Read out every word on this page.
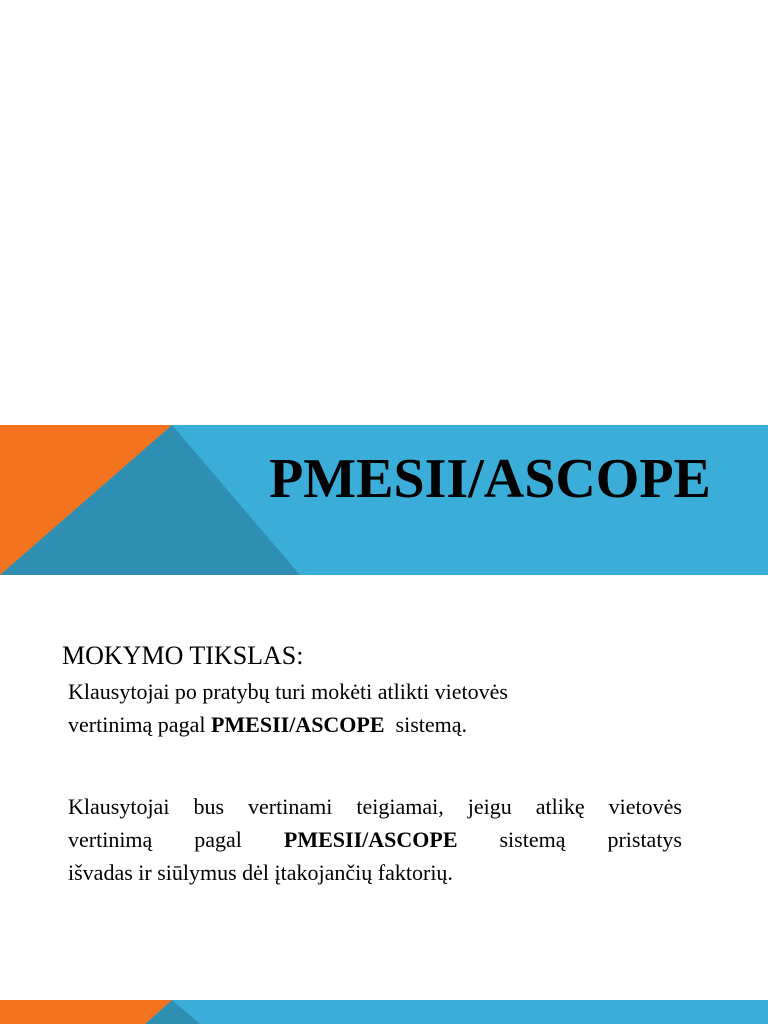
PMESII/ASCOPE
MOKYMO TIKSLAS:
Klausytojai po pratybų turi mokėti atlikti vietovės
vertinimą pagal PMESII/ASCOPE  sistemą.
Klausytojai bus vertinami teigiamai, jeigu atlikę vietovės
vertinimą pagal PMESII/ASCOPE sistemą pristatys
išvadas ir siūlymus dėl įtakojančių faktorių.
